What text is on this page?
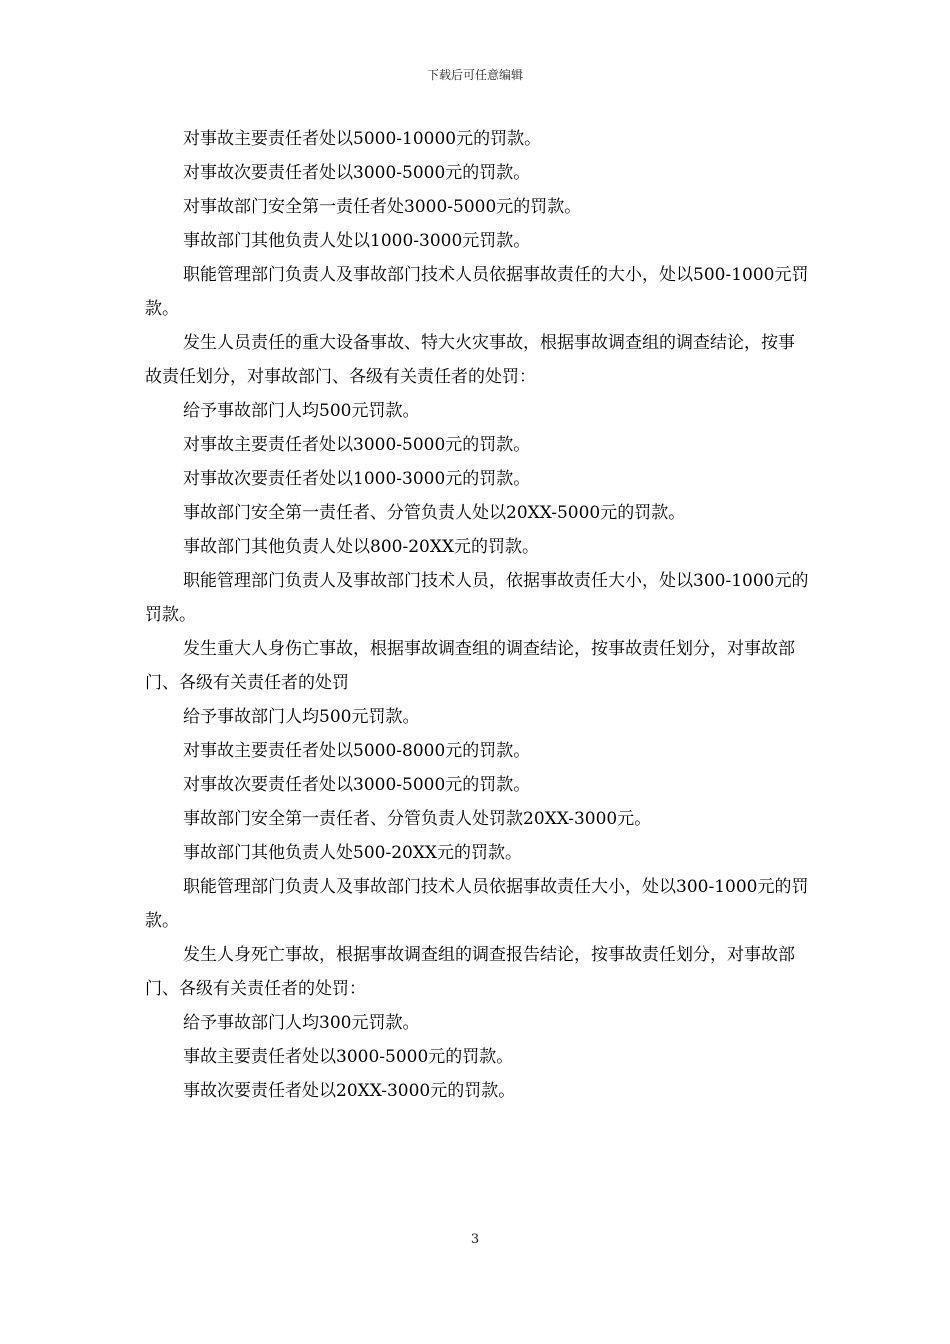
下载后可任意编辑

对事故主要责任者处以5000-10000元的罚款。

对事故次要责任者处以3000-5000元的罚款。

对事故部门安全第一责任者处3000-5000元的罚款。

事故部门其他负责人处以1000-3000元罚款。

职能管理部门负责人及事故部门技术人员依据事故责任的大小，处以500-1000元罚款。

发生人员责任的重大设备事故、特大火灾事故，根据事故调查组的调查结论，按事故责任划分，对事故部门、各级有关责任者的处罚：

给予事故部门人均500元罚款。

对事故主要责任者处以3000-5000元的罚款。

对事故次要责任者处以1000-3000元的罚款。

事故部门安全第一责任者、分管负责人处以20XX-5000元的罚款。

事故部门其他负责人处以800-20XX元的罚款。

职能管理部门负责人及事故部门技术人员，依据事故责任大小，处以300-1000元的罚款。

发生重大人身伤亡事故，根据事故调查组的调查结论，按事故责任划分，对事故部门、各级有关责任者的处罚

给予事故部门人均500元罚款。

对事故主要责任者处以5000-8000元的罚款。

对事故次要责任者处以3000-5000元的罚款。

事故部门安全第一责任者、分管负责人处罚款20XX-3000元。

事故部门其他负责人处500-20XX元的罚款。

职能管理部门负责人及事故部门技术人员依据事故责任大小，处以300-1000元的罚款。

发生人身死亡事故，根据事故调查组的调查报告结论，按事故责任划分，对事故部门、各级有关责任者的处罚：

给予事故部门人均300元罚款。

事故主要责任者处以3000-5000元的罚款。

事故次要责任者处以20XX-3000元的罚款。

3
